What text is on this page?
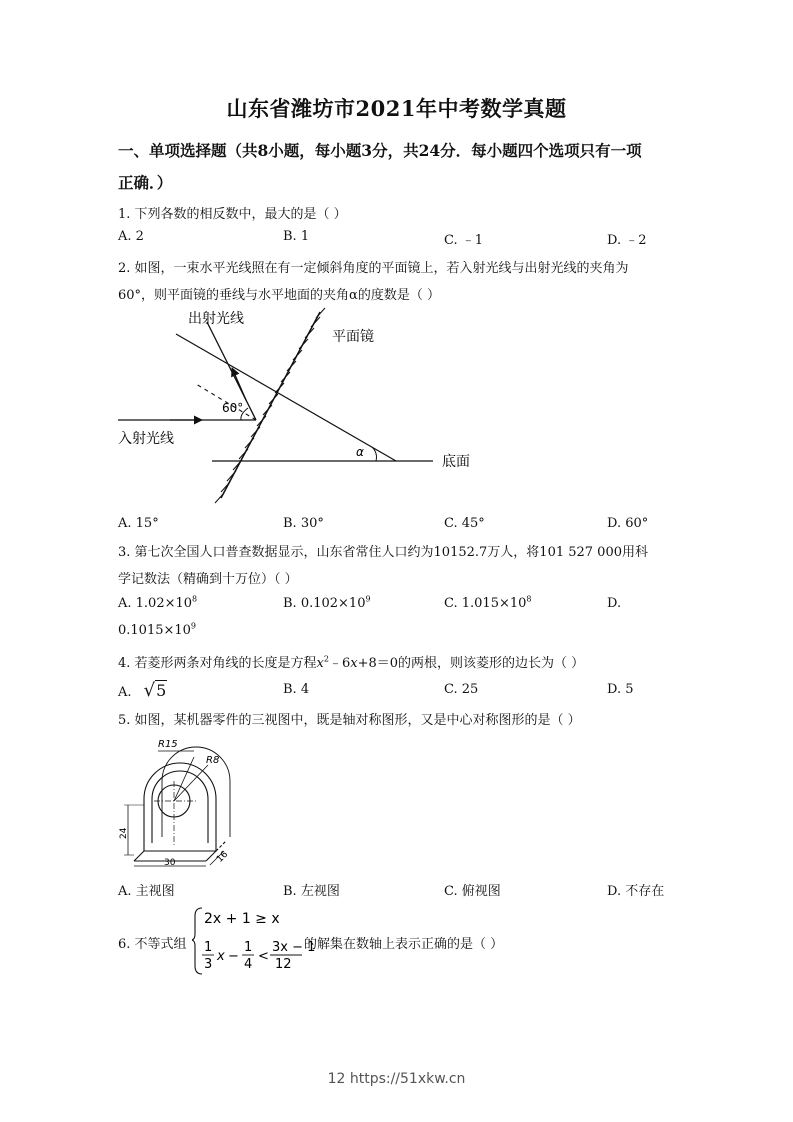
山东省潍坊市2021年中考数学真题
一、单项选择题（共8小题，每小题3分，共24分．每小题四个选项只有一项
正确．）
1. 下列各数的相反数中，最大的是（ ）
A. 2	B. 1	C. ﹣1	D. ﹣2
2. 如图，一束水平光线照在有一定倾斜角度的平面镜上，若入射光线与出射光线的夹角为
60°，则平面镜的垂线与水平地面的夹角α的度数是（ ）
出射光线
平面镜
入射光线
60°
α
底面
A. 15°	B. 30°	C. 45°	D. 60°
3. 第七次全国人口普查数据显示，山东省常住人口约为10152.7万人，将101 527 000用科
学记数法（精确到十万位）（ ）
A. $1.02\times 10^8$	B. $0.102\times 10^9$	C. $1.015\times 10^8$	D.
$0.1015\times 10^9$
4. 若菱形两条对角线的长度是方程$x^2﹣6x+8=0$的两根，则该菱形的边长为（ ）
A. √5	B. 4	C. 25	D. 5
5. 如图，某机器零件的三视图中，既是轴对称图形，又是中心对称图形的是（ ）
R15
R8
24
30	16
A. 主视图	B. 左视图	C. 俯视图	D. 不存在
6. 不等式组
2x + 1 ≥ x
1
3
x −
1
4
<
3x − 1
12
的解集在数轴上表示正确的是（ ）
12 https://51xkw.cn
